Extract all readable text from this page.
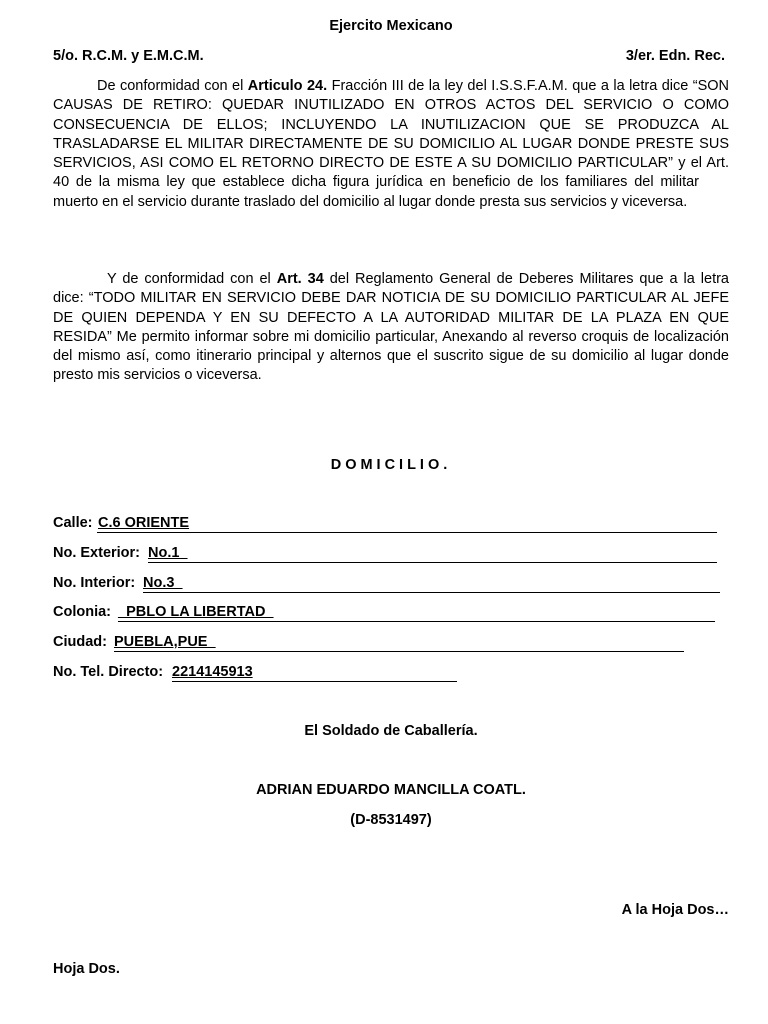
Ejercito Mexicano
5/o. R.C.M. y E.M.C.M.	3/er. Edn. Rec.
De conformidad con el Articulo 24. Fracción III de la ley del I.S.S.F.A.M. que a la letra dice “SON CAUSAS DE RETIRO: QUEDAR INUTILIZADO EN OTROS ACTOS DEL SERVICIO O COMO CONSECUENCIA DE ELLOS; INCLUYENDO LA INUTILIZACION QUE SE PRODUZCA AL TRASLADARSE EL MILITAR DIRECTAMENTE DE SU DOMICILIO AL LUGAR DONDE PRESTE SUS SERVICIOS, ASI COMO EL RETORNO DIRECTO DE ESTE A SU DOMICILIO PARTICULAR” y el Art. 40 de la misma ley que establece dicha figura jurídica en beneficio de los familiares del militarmuerto en el servicio durante traslado del domicilio al lugar donde presta sus servicios y viceversa.
Y de conformidad con el Art. 34 del Reglamento General de Deberes Militares que a la letra dice: “TODO MILITAR EN SERVICIO DEBE DAR NOTICIA DE SU DOMICILIO PARTICULAR AL JEFE DE QUIEN DEPENDA Y EN SU DEFECTO A LA AUTORIDAD MILITAR DE LA PLAZA EN QUE RESIDA” Me permito informar sobre mi domicilio particular, Anexando al reverso croquis de localización del mismo así, como itinerario principal y alternos que el suscrito sigue de su domicilio al lugar donde presto mis servicios o viceversa.
DOMICILIO.
Calle: C.6 ORIENTE
No. Exterior: No.1_
No. Interior: No.3_
Colonia: _PBLO LA LIBERTAD_
Ciudad: PUEBLA,PUE_
No. Tel. Directo: 2214145913
El Soldado de Caballería.
ADRIAN EDUARDO MANCILLA COATL.
(D-8531497)
A la Hoja Dos…
Hoja Dos.
